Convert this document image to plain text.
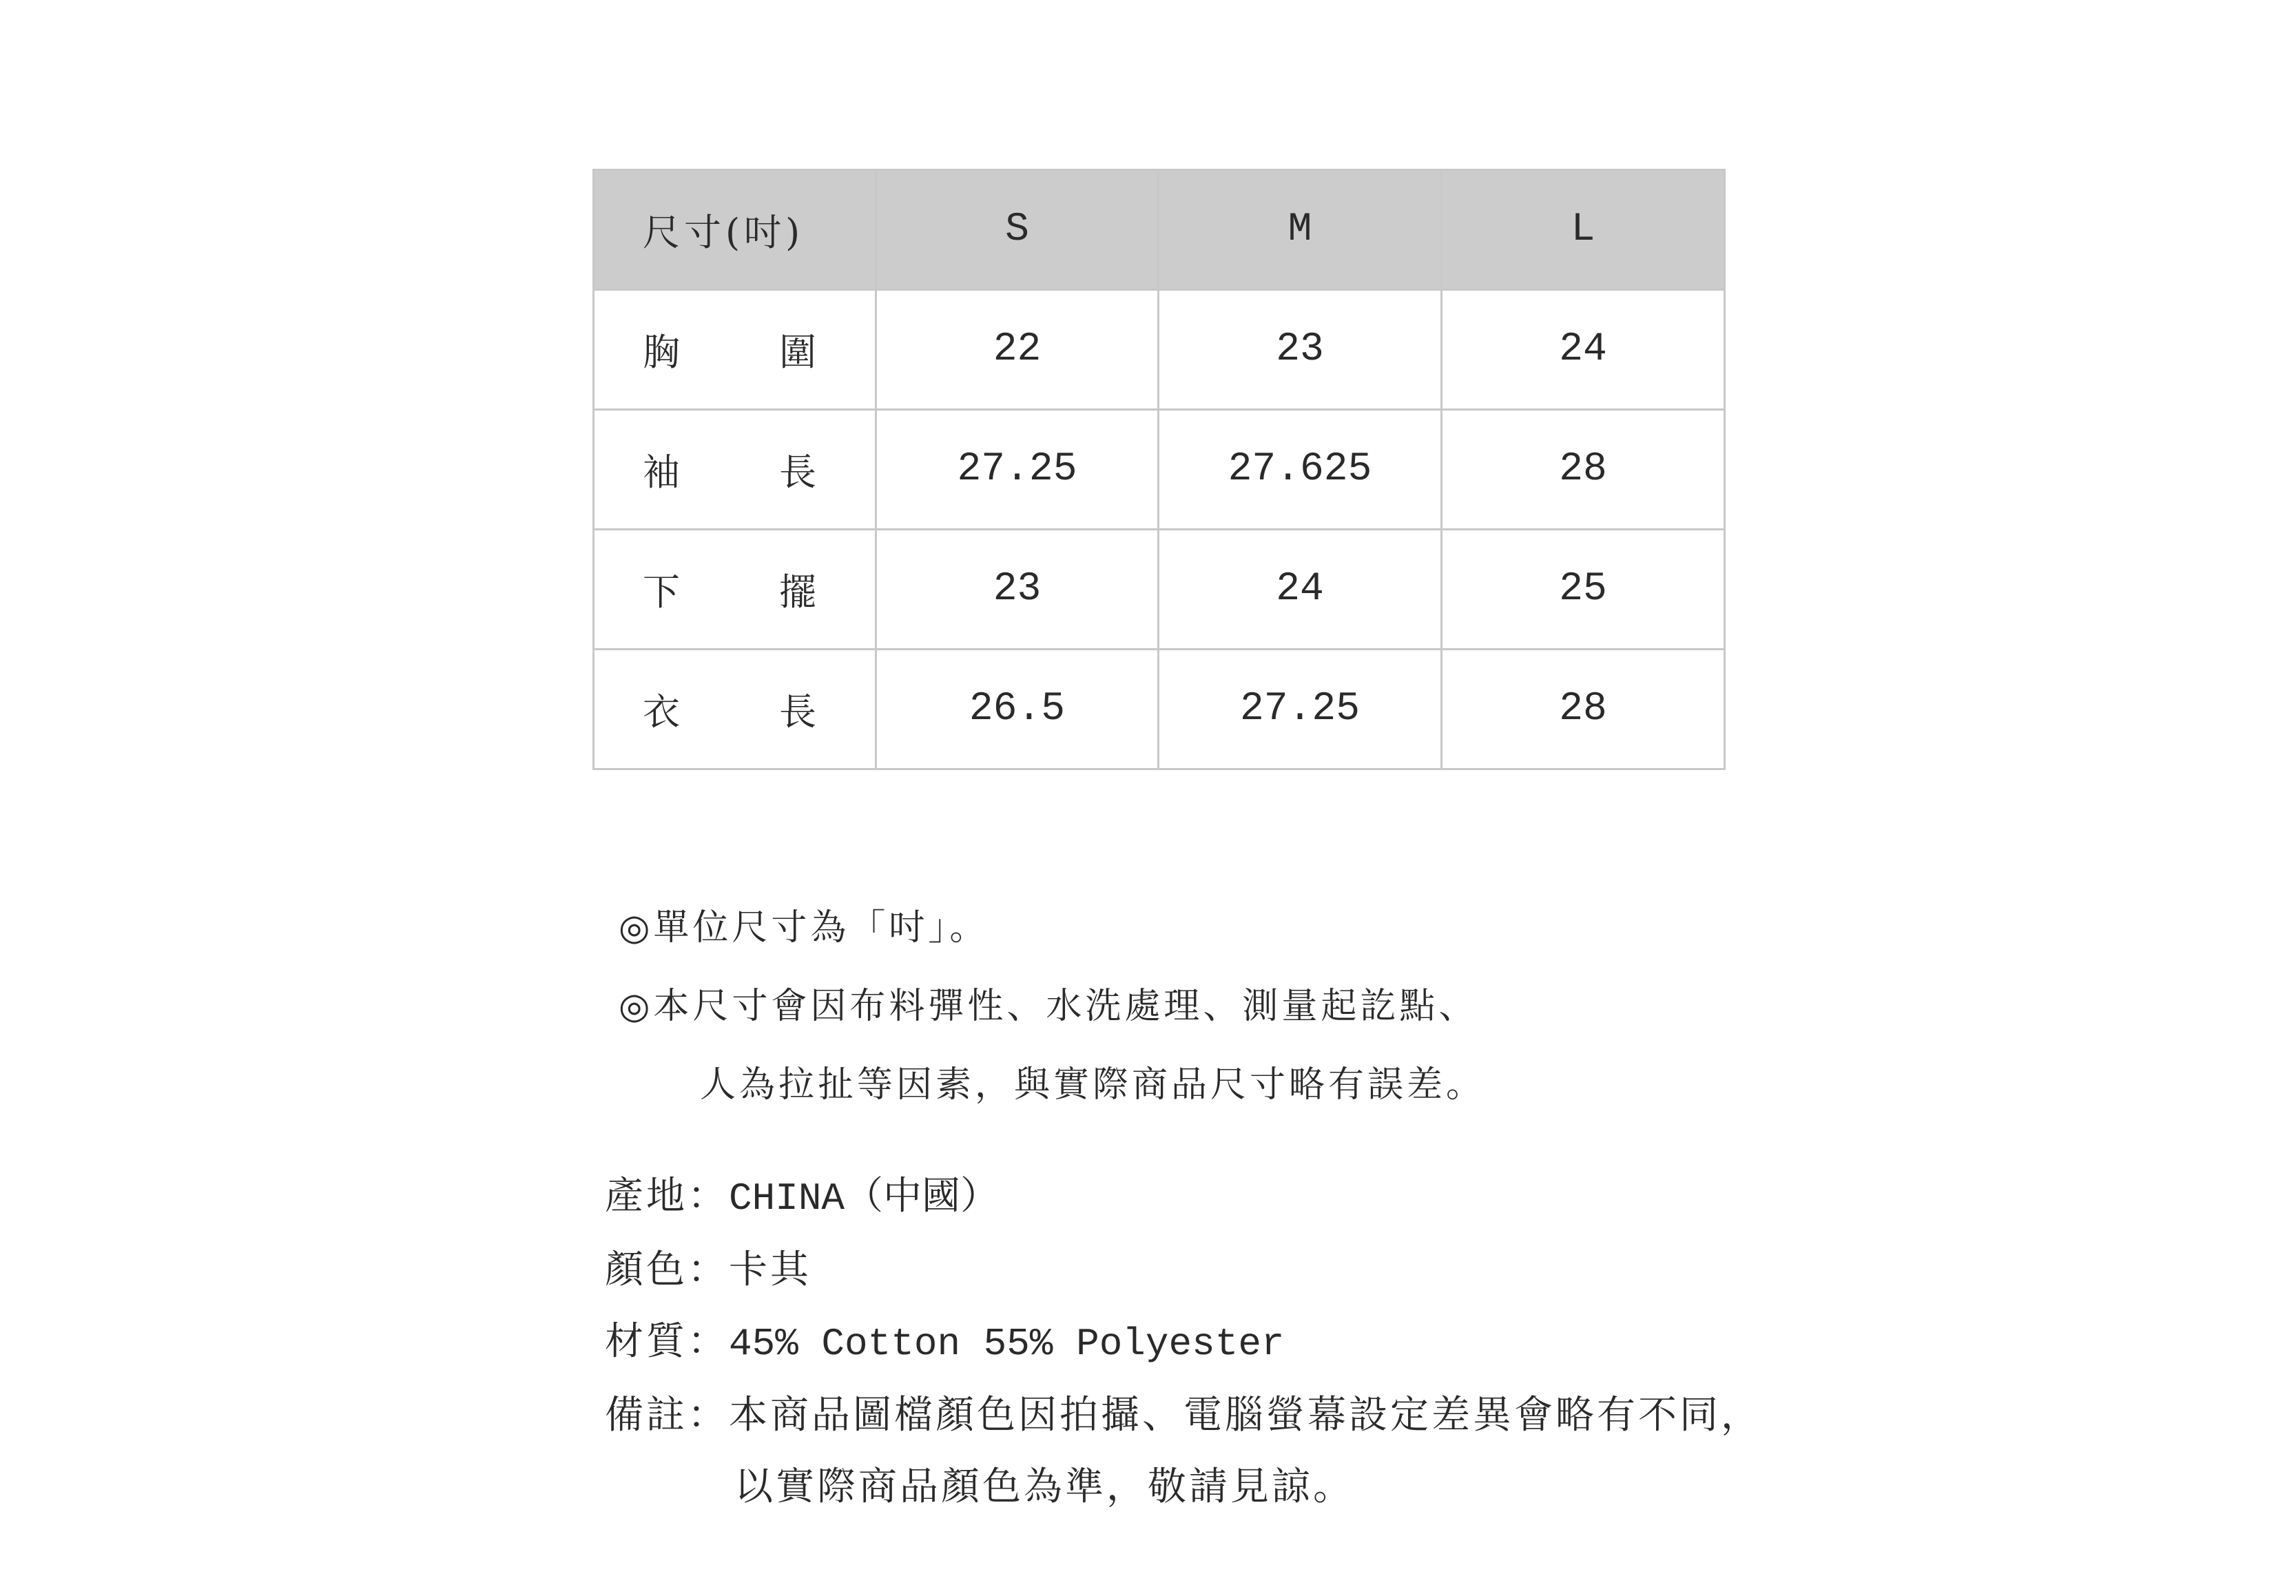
尺寸(吋)	S	M	L

胸 圍	22	23	24

袖 長	27.25	27.625	28

下 擺	23	24	25

衣 長	26.5	27.25	28
◎單位尺寸為「吋」。
◎本尺寸會因布料彈性、水洗處理、測量起訖點、
人為拉扯等因素，與實際商品尺寸略有誤差。
產地：CHINA（中國）
顏色：卡其
材質：45% Cotton 55% Polyester
備註：本商品圖檔顏色因拍攝、電腦螢幕設定差異會略有不同，
以實際商品顏色為準，敬請見諒。
